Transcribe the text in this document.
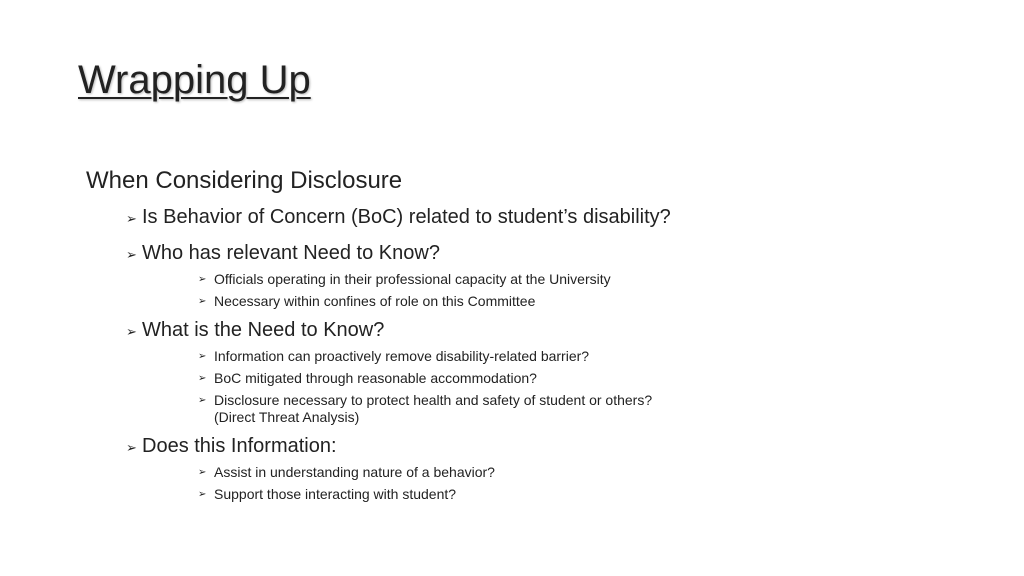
Wrapping Up

When Considering Disclosure

➢ Is Behavior of Concern (BoC) related to student’s disability?
➢ Who has relevant Need to Know?
➢ Officials operating in their professional capacity at the University
➢ Necessary within confines of role on this Committee
➢ What is the Need to Know?
➢ Information can proactively remove disability-related barrier?
➢ BoC mitigated through reasonable accommodation?
➢ Disclosure necessary to protect health and safety of student or others?
(Direct Threat Analysis)
➢ Does this Information:
➢ Assist in understanding nature of a behavior?
➢ Support those interacting with student?
